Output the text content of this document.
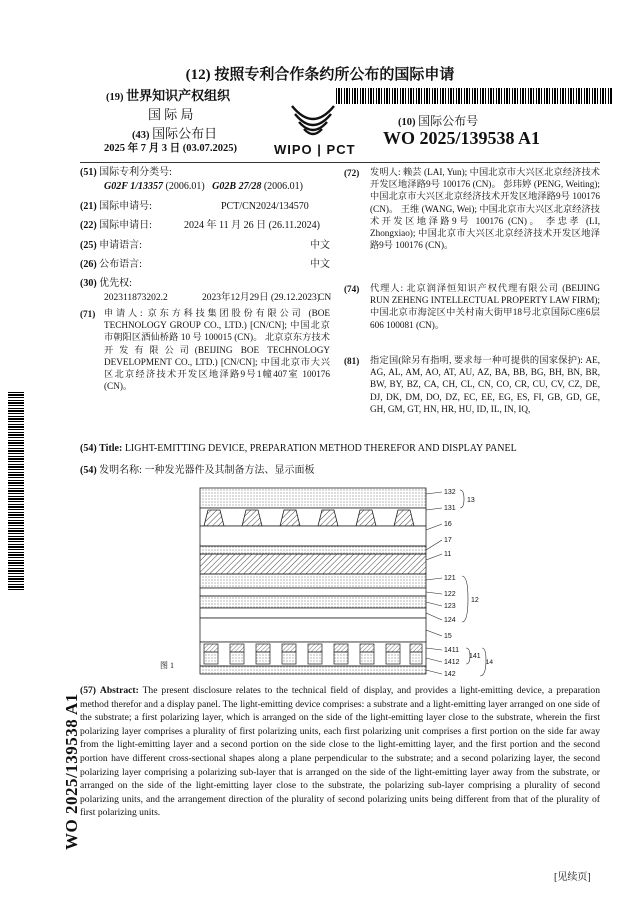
(12) 按照专利合作条约所公布的国际申请
(19) 世界知识产权组织
国 际 局
(43) 国际公布日
2025 年 7 月 3 日 (03.07.2025)	WIPO | PCT
(10) 国际公布号
WO 2025/139538 A1
(51) 国际专利分类号:
G02F 1/13357 (2006.01) G02B 27/28 (2006.01)
(21) 国际申请号:	PCT/CN2024/134570
(22) 国际申请日:	2024 年 11 月 26 日 (26.11.2024)
(25) 申请语言:	中文
(26) 公布语言:	中文
(30) 优先权:
202311873202.2	2023年12月29日 (29.12.2023)
CN
(71) 申请人: 京东方科技集团股份有限公司 (BOE TECHNOLOGY GROUP CO., LTD.) [CN/CN]; 中国北京市朝阳区酒仙桥路 10 号 100015 (CN)。 北京京东方技术开发有限公司(BEIJING BOE TECHNOLOGY DEVELOPMENT CO., LTD.) [CN/CN]; 中国北京市大兴区北京经济技术开发区地泽路9号1幢407室 100176 (CN)。
(72) 发明人: 赖芸 (LAI, Yun); 中国北京市大兴区北京经济技术开发区地泽路9号 100176 (CN)。 彭玮婷 (PENG, Weiting); 中国北京市大兴区北京经济技术开发区地泽路9号 100176 (CN)。 王维 (WANG, Wei); 中国北京市大兴区北京经济技术开发区地泽路9号 100176 (CN)。 李忠孝 (LI, Zhongxiao); 中国北京市大兴区北京经济技术开发区地泽路9号 100176 (CN)。
(74) 代理人: 北京润泽恒知识产权代理有限公司 (BEIJING RUN ZEHENG INTELLECTUAL PROPERTY LAW FIRM); 中国北京市海淀区中关村南大街甲18号北京国际C座6层606 100081 (CN)。
(81) 指定国(除另有指明, 要求每一种可提供的国家保护): AE, AG, AL, AM, AO, AT, AU, AZ, BA, BB, BG, BH, BN, BR, BW, BY, BZ, CA, CH, CL, CN, CO, CR, CU, CV, CZ, DE, DJ, DK, DM, DO, DZ, EC, EE, EG, ES, FI, GB, GD, GE, GH, GM, GT, HN, HR, HU, ID, IL, IN, IQ,
(54) Title: LIGHT-EMITTING DEVICE, PREPARATION METHOD THEREFOR AND DISPLAY PANEL
(54) 发明名称: 一种发光器件及其制备方法、显示面板
132
131
16
17
11
121
122
123
124
15
1411
1412
142
13
12
141
14
图 1
(57) Abstract: The present disclosure relates to the technical field of display, and provides a light-emitting device, a preparation method therefor and a display panel. The light-emitting device comprises: a substrate and a light-emitting layer arranged on one side of the substrate; a first polarizing layer, which is arranged on the side of the light-emitting layer close to the substrate, wherein the first polarizing layer comprises a plurality of first polarizing units, each first polarizing unit comprises a first portion on the side far away from the light-emitting layer and a second portion on the side close to the light-emitting layer, and the first portion and the second portion have different cross-sectional shapes along a plane perpendicular to the substrate; and a second polarizing layer, the second polarizing layer comprising a polarizing sub-layer that is arranged on the side of the light-emitting layer away from the substrate, or arranged on the side of the light-emitting layer close to the substrate, the polarizing sub-layer comprising a plurality of second polarizing units, and the arrangement direction of the plurality of second polarizing units being different from that of the plurality of first polarizing units.
WO 2025/139538 A1
[见续页]
